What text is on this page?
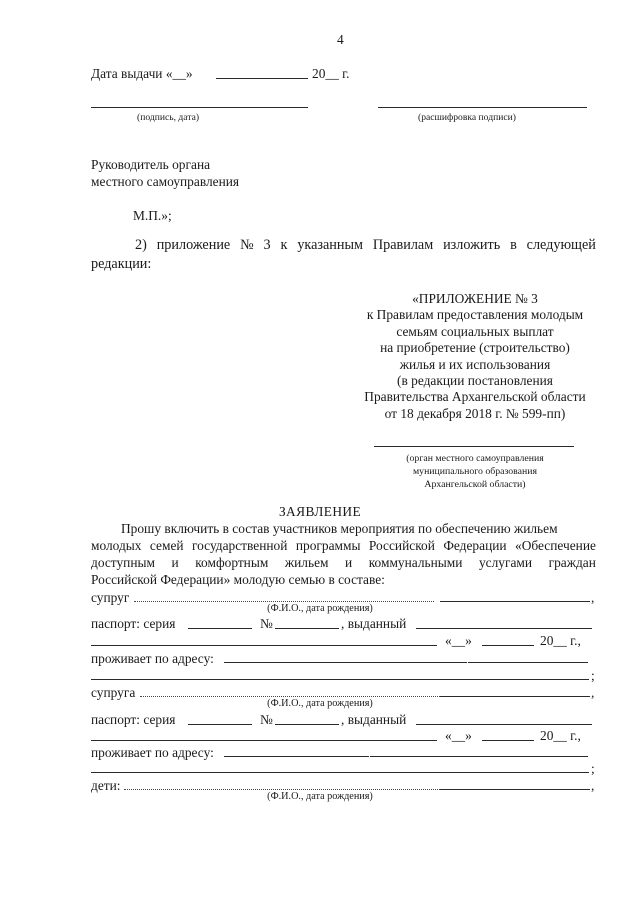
4
Дата выдачи «__»	20__ г.
(подпись, дата)	(расшифровка подписи)
Руководитель органа
местного самоуправления
М.П.»;
2) приложение № 3 к указанным Правилам изложить в следующей
редакции:
«ПРИЛОЖЕНИЕ № 3
к Правилам предоставления молодым
семьям социальных выплат
на приобретение (строительство)
жилья и их использования
(в редакции постановления
Правительства Архангельской области
от 18 декабря 2018 г. № 599-пп)
(орган местного самоуправления
муниципального образования
Архангельской области)
ЗАЯВЛЕНИЕ
Прошу включить в состав участников мероприятия по обеспечению жильем
молодых семей государственной программы Российской Федерации «Обеспечение
доступным и комфортным жильем и коммунальными услугами граждан
Российской Федерации» молодую семью в составе:
супруг	,
(Ф.И.О., дата рождения)
паспорт: серия	№	, выданный
«__»	20__ г.,
проживает по адресу:
;
супруга	,
(Ф.И.О., дата рождения)
паспорт: серия	№	, выданный
«__»	20__ г.,
проживает по адресу:
;
дети:	,
(Ф.И.О., дата рождения)
